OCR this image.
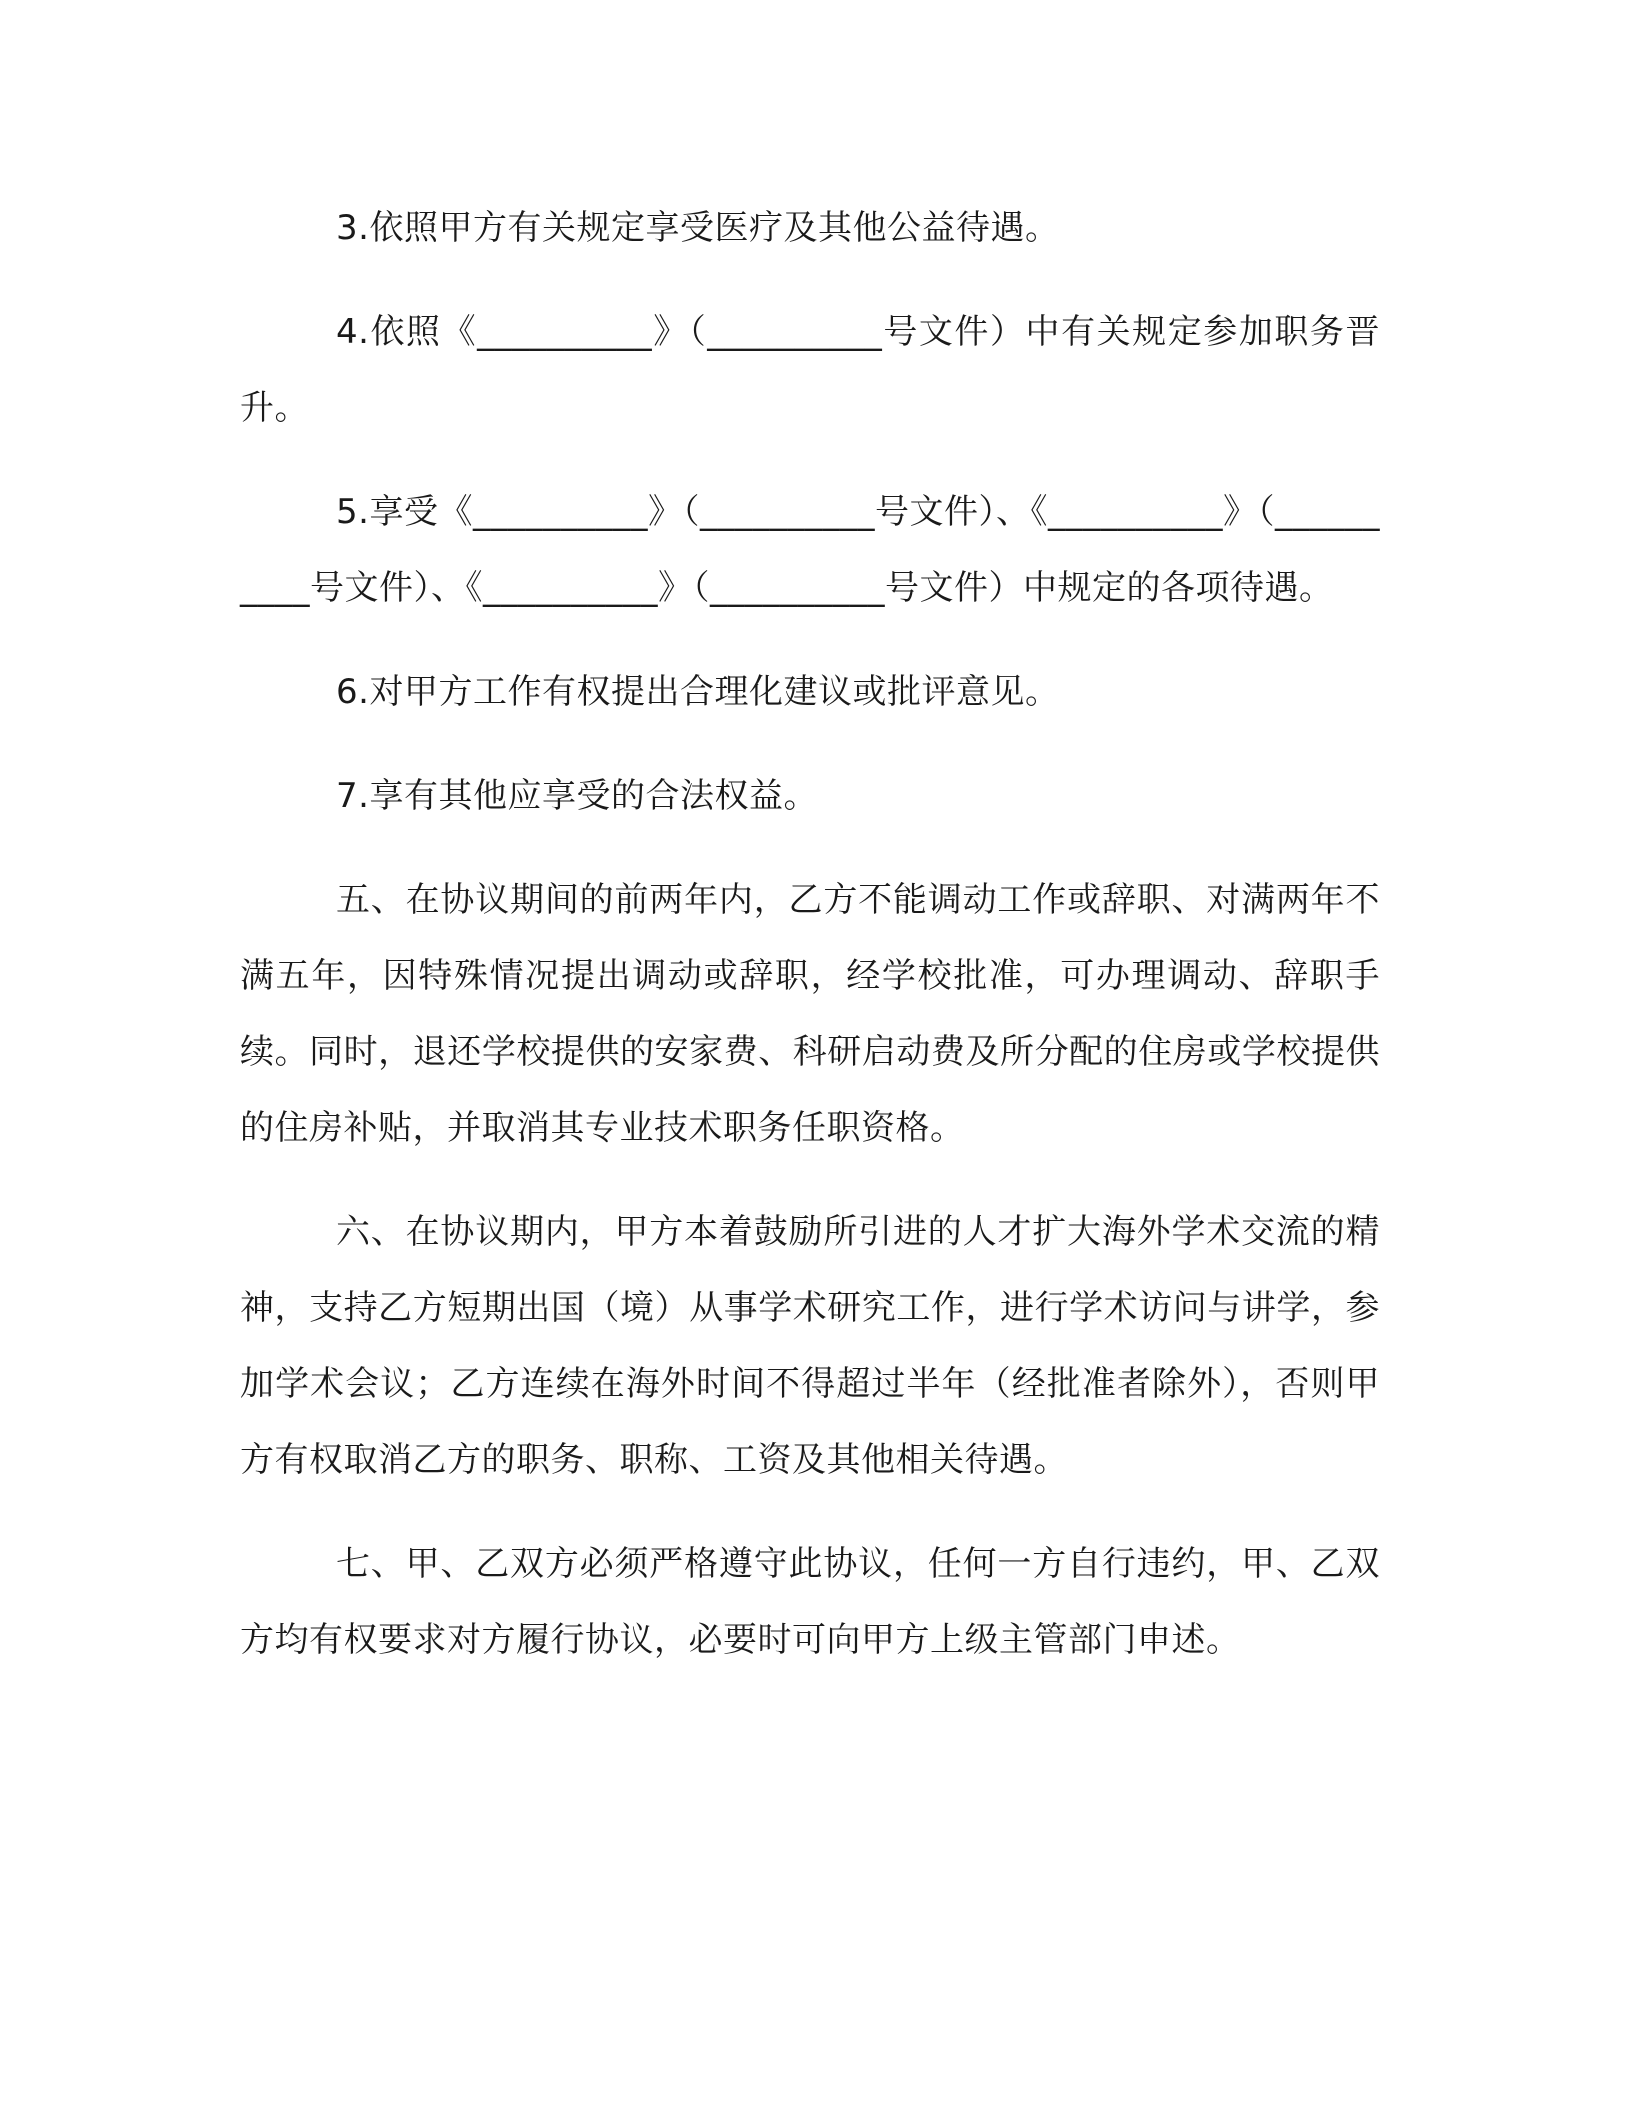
3.依照甲方有关规定享受医疗及其他公益待遇。

4.依照《__________》（__________号文件）中有关规定参加职务晋升。

5.享受《__________》（__________号文件）、《__________》（__________号文件）、《__________》（__________号文件）中规定的各项待遇。

6.对甲方工作有权提出合理化建议或批评意见。

7.享有其他应享受的合法权益。

五、在协议期间的前两年内，乙方不能调动工作或辞职、对满两年不满五年，因特殊情况提出调动或辞职，经学校批准，可办理调动、辞职手续。同时，退还学校提供的安家费、科研启动费及所分配的住房或学校提供的住房补贴，并取消其专业技术职务任职资格。

六、在协议期内，甲方本着鼓励所引进的人才扩大海外学术交流的精神，支持乙方短期出国（境）从事学术研究工作，进行学术访问与讲学，参加学术会议；乙方连续在海外时间不得超过半年（经批准者除外），否则甲方有权取消乙方的职务、职称、工资及其他相关待遇。

七、甲、乙双方必须严格遵守此协议，任何一方自行违约，甲、乙双方均有权要求对方履行协议，必要时可向甲方上级主管部门申述。
